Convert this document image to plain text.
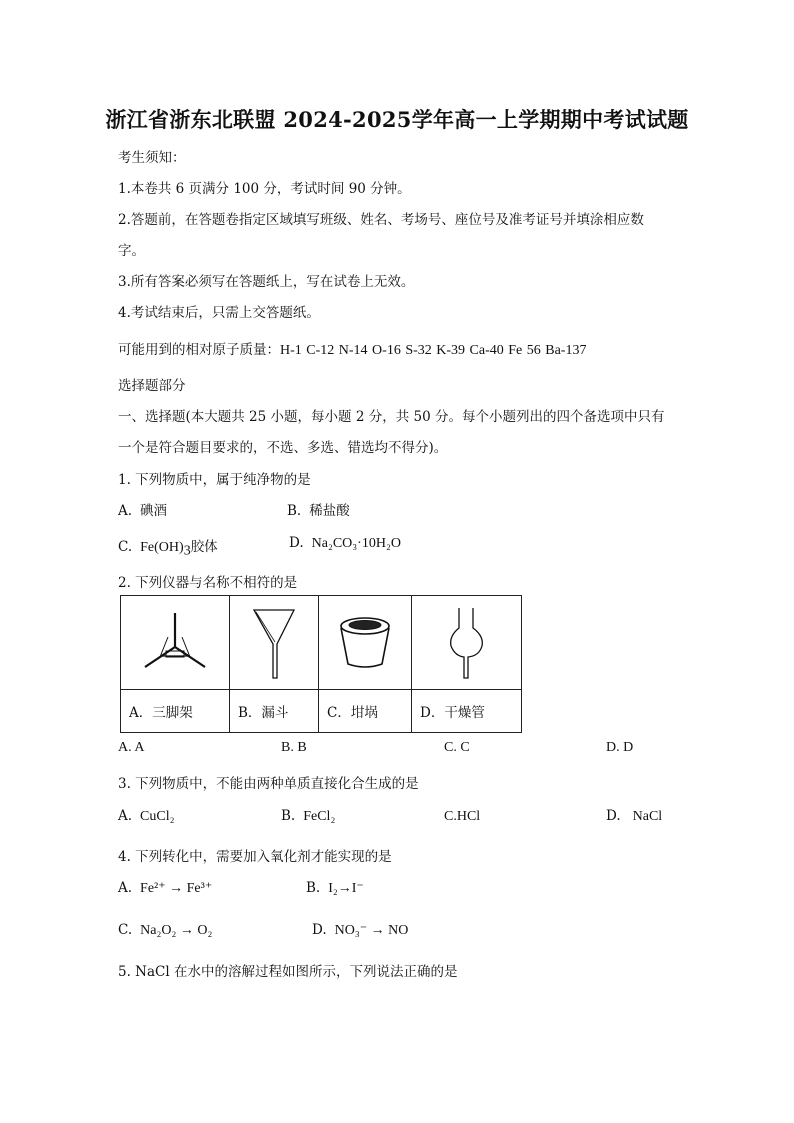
浙江省浙东北联盟 2024-2025学年高一上学期期中考试试题
考生须知：
1.本卷共 6 页满分 100 分，考试时间 90 分钟。
2.答题前，在答题卷指定区域填写班级、姓名、考场号、座位号及准考证号并填涂相应数
字。
3.所有答案必须写在答题纸上，写在试卷上无效。
4.考试结束后，只需上交答题纸。
可能用到的相对原子质量：H-1 C-12 N-14 O-16 S-32 K-39 Ca-40 Fe 56 Ba-137
选择题部分
一、选择题(本大题共 25 小题，每小题 2 分，共 50 分。每个小题列出的四个备选项中只有
一个是符合题目要求的，不选、多选、错选均不得分)。
1. 下列物质中，属于纯净物的是
A. 碘酒	B. 稀盐酸
C. $Fe(OH)_3$胶体	D. Na₂CO₃·10H₂O
2. 下列仪器与名称不相符的是

A．三脚架	B．漏斗	C．坩埚	D．干燥管
A. A	B. B	C. C	D. D
3. 下列物质中，不能由两种单质直接化合生成的是
A. CuCl₂	B. FeCl₂	C.HCl	D. NaCl
4. 下列转化中，需要加入氧化剂才能实现的是
A. Fe²⁺ → Fe³⁺	B. I₂→I⁻
C. Na₂O₂ → O₂	D. NO₃⁻ → NO
5. NaCl 在水中的溶解过程如图所示，下列说法正确的是
